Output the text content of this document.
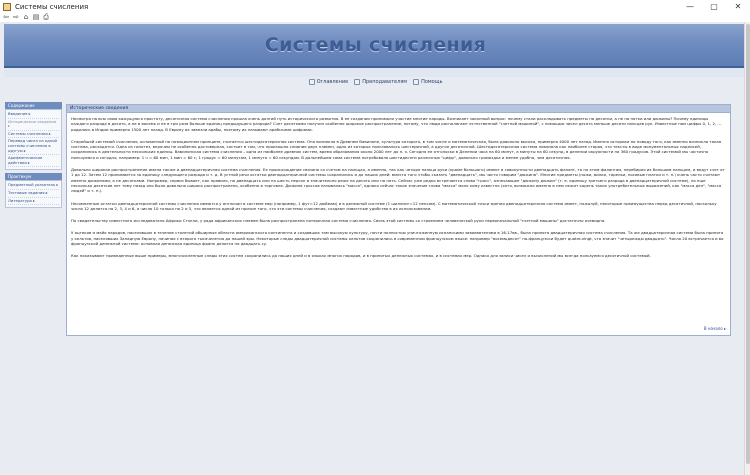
Системы счисления	—	▢	✕
⇦ ⇨ ⌂ ▤ ⎙
Системы счисления
Оглавление	Преподавателям	Помощь
Содержание
Введение ▸
Исторические сведения ▸
Системы счисления ▸
Перевод чисел из одной системы счисления в другую ▸
Арифметические действия ▸
Практикум
Предметный указатель ▸
Тестовые задания ▸
Литература ▸
Исторические сведения

Несмотря на всю свою кажущуюся простоту, десятичная система счисления прошла очень долгий путь исторического развития. В ее создании принимали участие многие народы. Возникает законный вопрос: почему стали раскладывать предметы на десятки, а не на пятки или дюжины? Почему единицы каждого разряда в десять, а не в восемь и не в три раза больше единиц предыдущего разряда? Счет десятками получил особенно широкое распространение, потому, что люди располагают естественной "счетной машиной", с помощью чисел десять меньше десяти пальцев рук. Известные нам цифры 0, 1, 2, ... родились в Индии примерно 1500 лет назад. В Европу их завезли арабы, поэтому их называют арабскими цифрами.

Старейшей системой счисления, основанной на позиционном принципе, считается шестидесятеричная система. Она возникла в Древнем Вавилоне, культура которого, в том числе и математическая, была довольно высока, примерно 4000 лет назад. Именно историки по поводу того, как именно возникла такая система, расходятся. Одна из гипотез, впрочем не особенно достоверная, состоит в том, что произошло слияние двух племен, одно из которых пользовалось шестеричной, а другое десятичной. Шестидесятеричная система повлияла как наиболее старая, что тексты в виде монументальных надписей, сохранились в деятельности нескольких единиц. Вавилонская система счисления – одна из наиболее древних систем, время образования около 2000 лет до н. э. Сегодня ее отголоски в Делении часа на 60 минут, а минуты на 60 секунд, в делении окружности на 360 градусов. Этой системой мы частично пользуемся и сегодня, например: 1 ч = 60 мин, 1 мин = 60 с; 1 градус = 60 минутам, 1 минута = 60 секундам. В дальнейшем сама система потребовала шестидесяти различных "цифр", довольно громоздка и менее удобна, чем десятичная.

Довольно широкое распространение имела также и двенадцатеричная система счисления. Ее происхождение связано со счетом на пальцах, а именно, так как четыре пальца руки (кроме большого) имеют в совокупности двенадцать фаланг, то по этим фалангам, перебирая их большим пальцем, и ведут счет от 1 до 12. Затем 12 принимается за единицу следующего разряда и т. д. В устной речи остатки двенадцатеричной системы сохранились и до наших дней: вместо того чтобы сказать "двенадцать", мы часто говорим "дюжина". Многие предметы (ножи, вилки, тарелки, носовые платки и т. п.) очень часто считают именно дюжинами, а не десятками. Например, сервиз бывает, как правило, на двенадцать или на шесть персон и значительно реже на десять или на пять. Сейчас уже редко встречается слово "гросс", означающее "дюжину дюжин" (т. е. единицу третьего разряда в двенадцатеричной системе), но еще несколько десятков лет тому назад оно было довольно широко распространено, особенно в торговле. Дюжина гроссов называлась "масса", однако сейчас такое значение слова "масса" мало кому известно (хотя, возможно именно в нем лежит корень таких употребительных выражений, как "масса дел", "масса людей" и т. п.).

Несомненные остатки двенадцатеричной системы счисления имеются у англичан в системе мер (например, 1 фут=12 дюймам) и в денежной системе (1 шиллинг=12 пенсам). С математической точки зрения двенадцатеричная система имеет, пожалуй, некоторые преимущества перед десятичной, поскольку число 12 делится на 2, 3, 4 и 6, а число 10 только на 2 и 5, что является одной из причин того, что эти системы счисления, создают известные удобства в их использовании.

По свидетельству известного исследователя Африки Стэнли, у ряда африканских племен была распространена пятеричная система счисления. Связь этой системы со строением человеческой руки первоначальной "счетной машины" достаточно очевидна.

У ацтеков и майя народов, населявших в течение столетий обширные области американского континента и создавших там высокую культуру, почти полностью уничтоженную испанскими завоевателями в 16-17вв., была принята двадцатеричная система счисления. Та же двадцатеричная система была принята у кельтов, населявших Западную Европу, начиная с второго тысячелетия до нашей эры. Некоторые следы двадцатеричной системы кельтов сохранились в современном французском языке: например "восемьдесят" по-французски будет quatre-vingt, что значит "четырежды двадцать". Число 20 встречается и во французской денежной системе: основная денежная единица франк делится на двадцать су.

Как показывают приведенные выше примеры, многочисленные следы этих систем сохранились до наших дней и в языках многих народов, и в принятых денежных системах, и в системах мер. Однако для записи чисел и вычислений мы всегда пользуемся десятичной системой.

В начало ▸
